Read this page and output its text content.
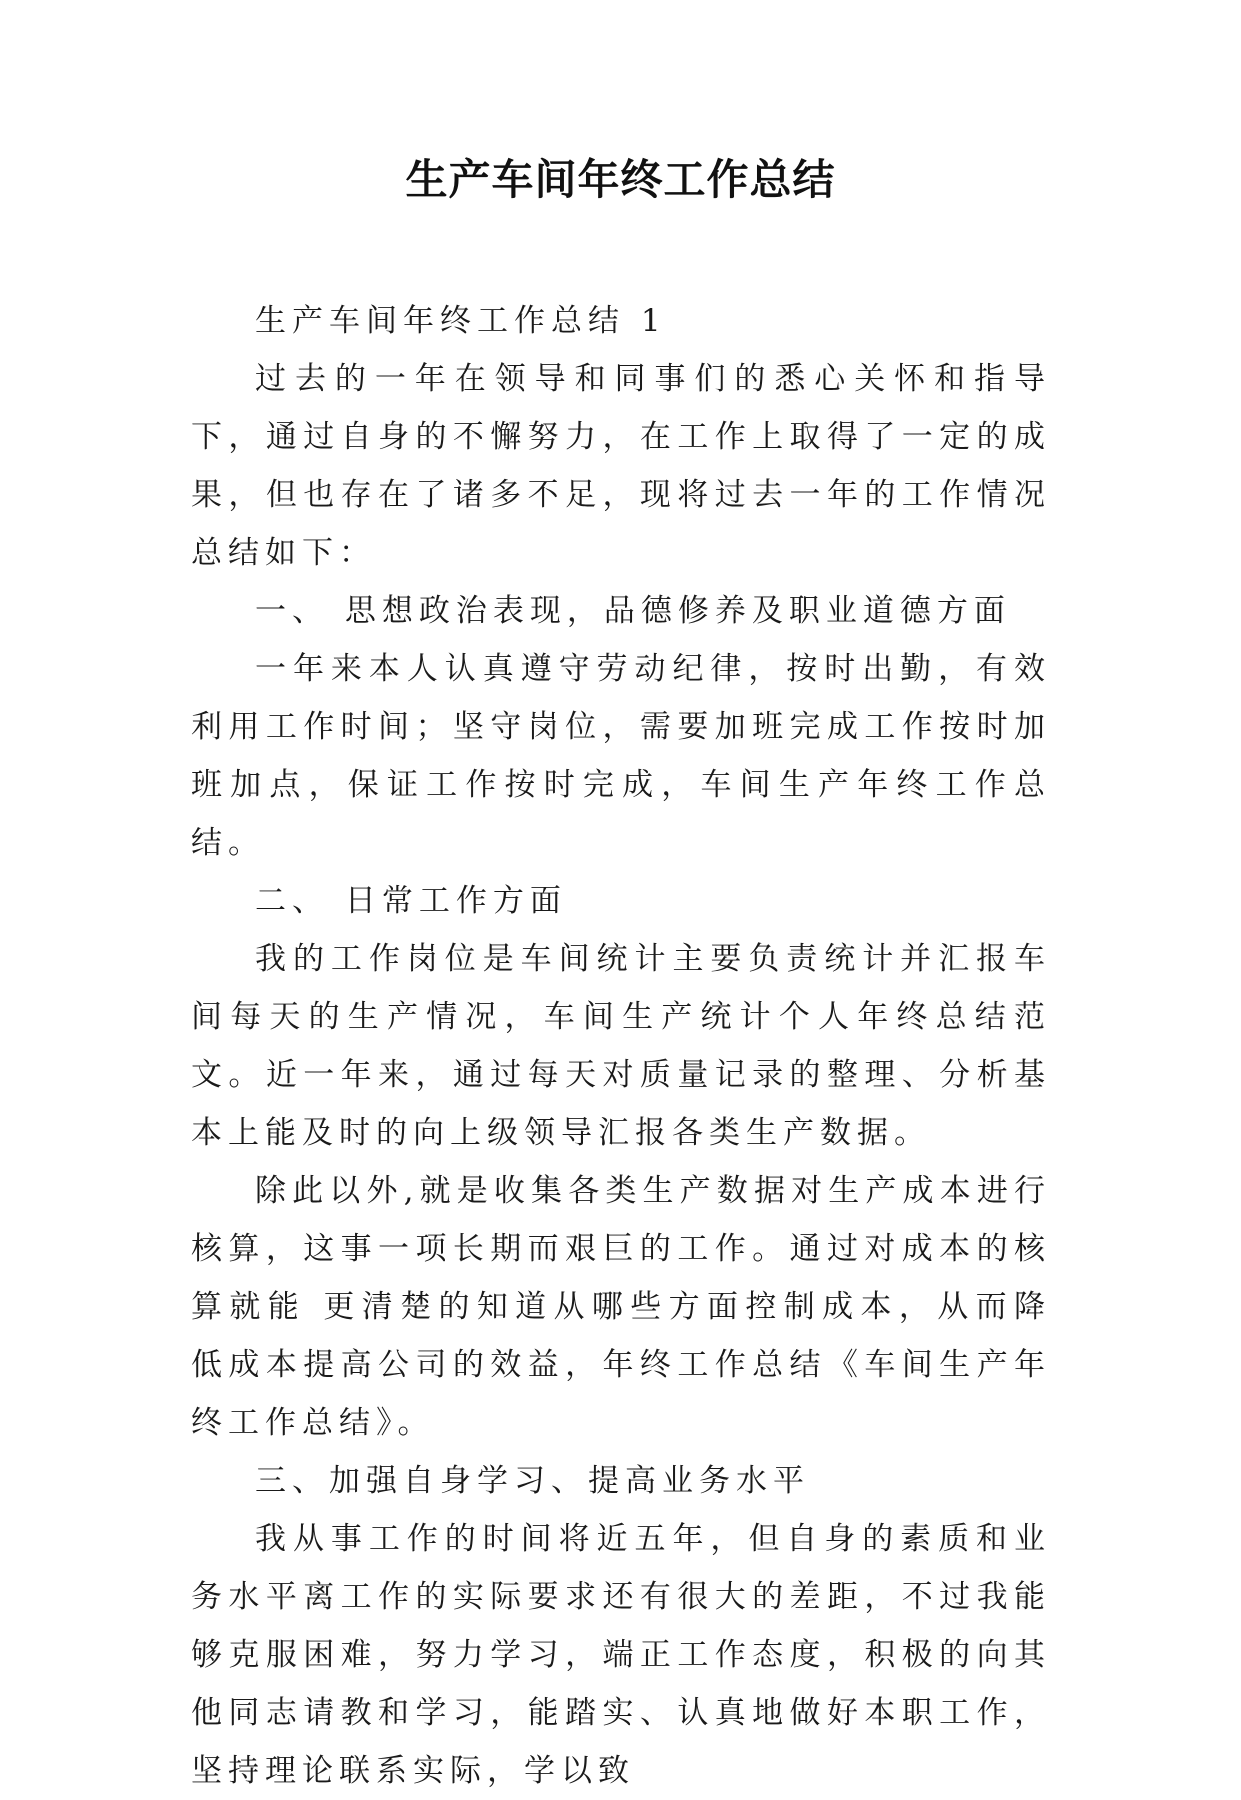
生产车间年终工作总结

生产车间年终工作总结 1

过去的一年在领导和同事们的悉心关怀和指导下，通过自身的不懈努力，在工作上取得了一定的成果，但也存在了诸多不足，现将过去一年的工作情况总结如下：

一、 思想政治表现，品德修养及职业道德方面

一年来本人认真遵守劳动纪律，按时出勤，有效利用工作时间；坚守岗位，需要加班完成工作按时加班加点，保证工作按时完成，车间生产年终工作总结。

二、 日常工作方面

我的工作岗位是车间统计主要负责统计并汇报车间每天的生产情况，车间生产统计个人年终总结范文。近一年来，通过每天对质量记录的整理、分析基本上能及时的向上级领导汇报各类生产数据。

除此以外,就是收集各类生产数据对生产成本进行核算，这事一项长期而艰巨的工作。通过对成本的核算就能 更清楚的知道从哪些方面控制成本，从而降低成本提高公司的效益，年终工作总结《车间生产年终工作总结》。

三、加强自身学习、提高业务水平

我从事工作的时间将近五年，但自身的素质和业务水平离工作的实际要求还有很大的差距，不过我能够克服困难，努力学习，端正工作态度，积极的向其他同志请教和学习，能踏实、认真地做好本职工作，坚持理论联系实际，学以致
